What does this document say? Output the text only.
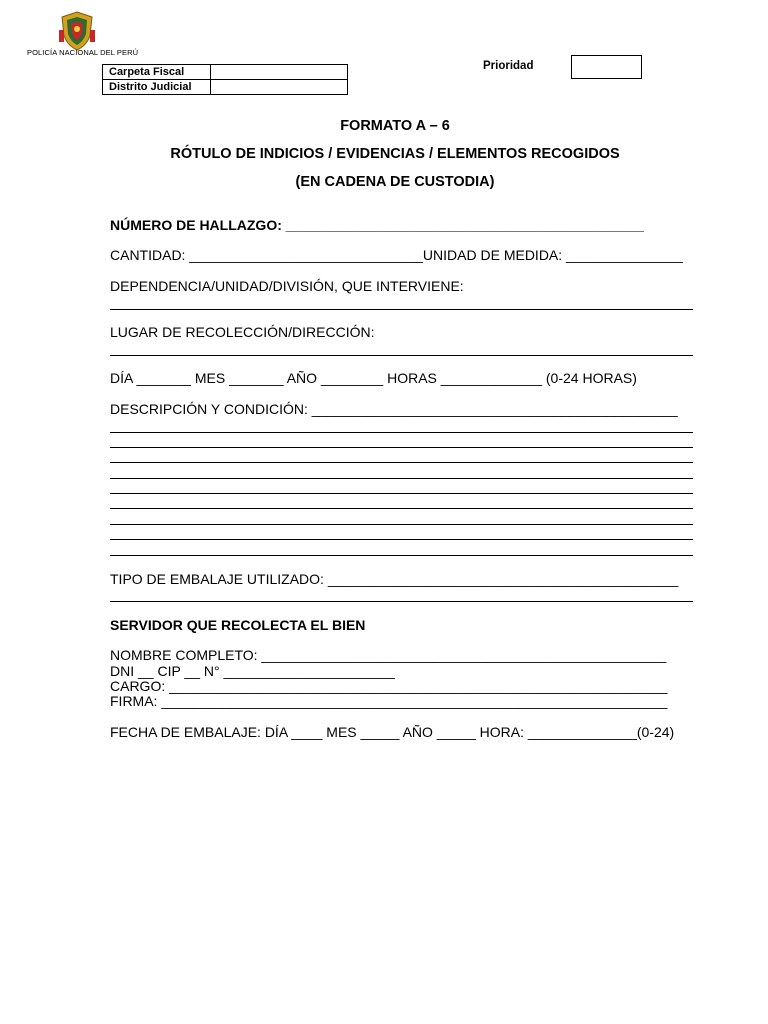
POLICÍA NACIONAL DEL PERÚ
Carpeta Fiscal	
Distrito Judicial	
Prioridad
FORMATO A – 6
RÓTULO DE INDICIOS / EVIDENCIAS / ELEMENTOS RECOGIDOS
(EN CADENA DE CUSTODIA)
NÚMERO DE HALLAZGO: ______________________________________________
CANTIDAD: ______________________________UNIDAD DE MEDIDA: _______________
DEPENDENCIA/UNIDAD/DIVISIÓN, QUE INTERVIENE:
LUGAR DE RECOLECCIÓN/DIRECCIÓN:
DÍA _______ MES _______ AÑO ________ HORAS _____________ (0-24 HORAS)
DESCRIPCIÓN Y CONDICIÓN: _______________________________________________
TIPO DE EMBALAJE UTILIZADO: _____________________________________________
SERVIDOR QUE RECOLECTA EL BIEN
NOMBRE COMPLETO: ____________________________________________________
DNI __ CIP __ N° ______________________
CARGO: ________________________________________________________________
FIRMA: _________________________________________________________________
FECHA DE EMBALAJE: DÍA ____ MES _____ AÑO _____ HORA: ______________(0-24)
